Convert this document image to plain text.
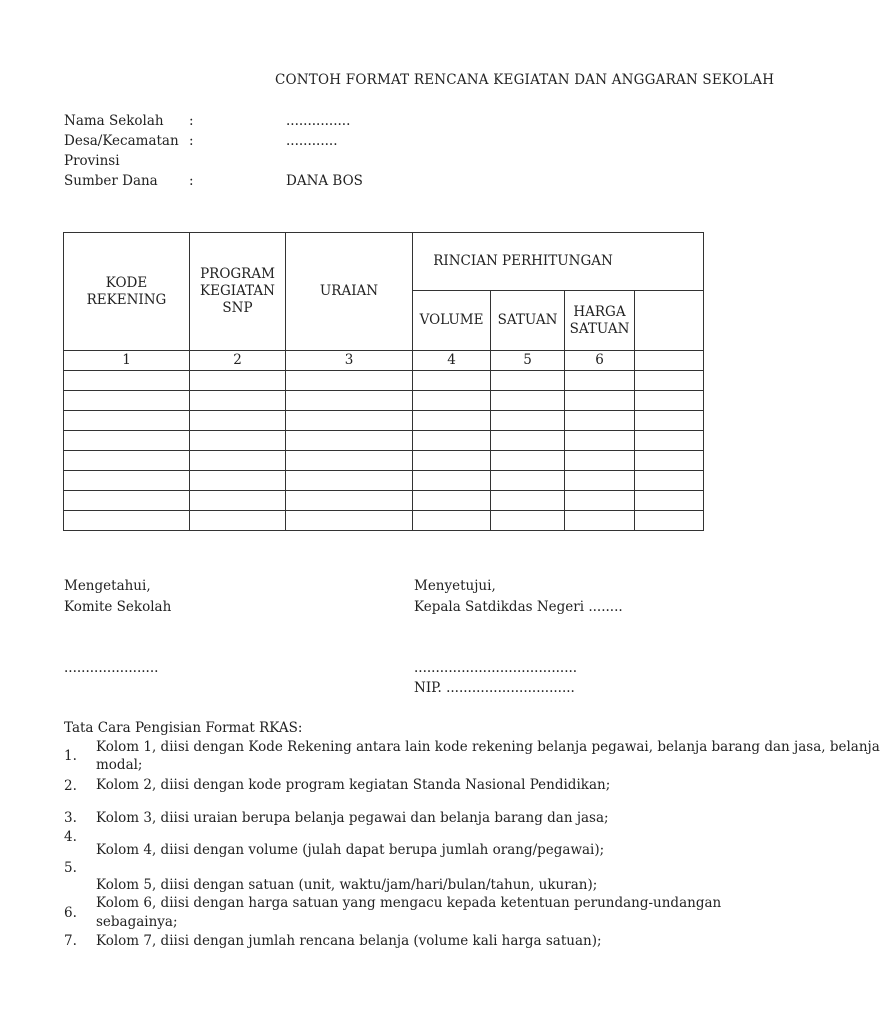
CONTOH FORMAT RENCANA KEGIATAN DAN ANGGARAN SEKOLAH
Nama Sekolah :	...............
Desa/Kecamatan :	............
Provinsi
Sumber Dana :	DANA BOS
KODE REKENING	PROGRAM KEGIATAN SNP	URAIAN	RINCIAN PERHITUNGAN			
			VOLUME	SATUAN	HARGA SATUAN	
1	2	3	4	5	6	

Mengetahui,
Komite Sekolah
......................
Menyetujui,
Kepala Satdikdas Negeri ........
......................................
NIP. ..............................
Tata Cara Pengisian Format RKAS:
1.
Kolom 1, diisi dengan Kode Rekening antara lain kode rekening belanja pegawai, belanja barang dan jasa, belanja
modal;
2. Kolom 2, diisi dengan kode program kegiatan Standa Nasional Pendidikan;
3. Kolom 3, diisi uraian berupa belanja pegawai dan belanja barang dan jasa;
4.
Kolom 4, diisi dengan volume (julah dapat berupa jumlah orang/pegawai);
5.
Kolom 5, diisi dengan satuan (unit, waktu/jam/hari/bulan/tahun, ukuran);
6.
Kolom 6, diisi dengan harga satuan yang mengacu kepada ketentuan perundang-undangan
sebagainya;
7. Kolom 7, diisi dengan jumlah rencana belanja (volume kali harga satuan);
